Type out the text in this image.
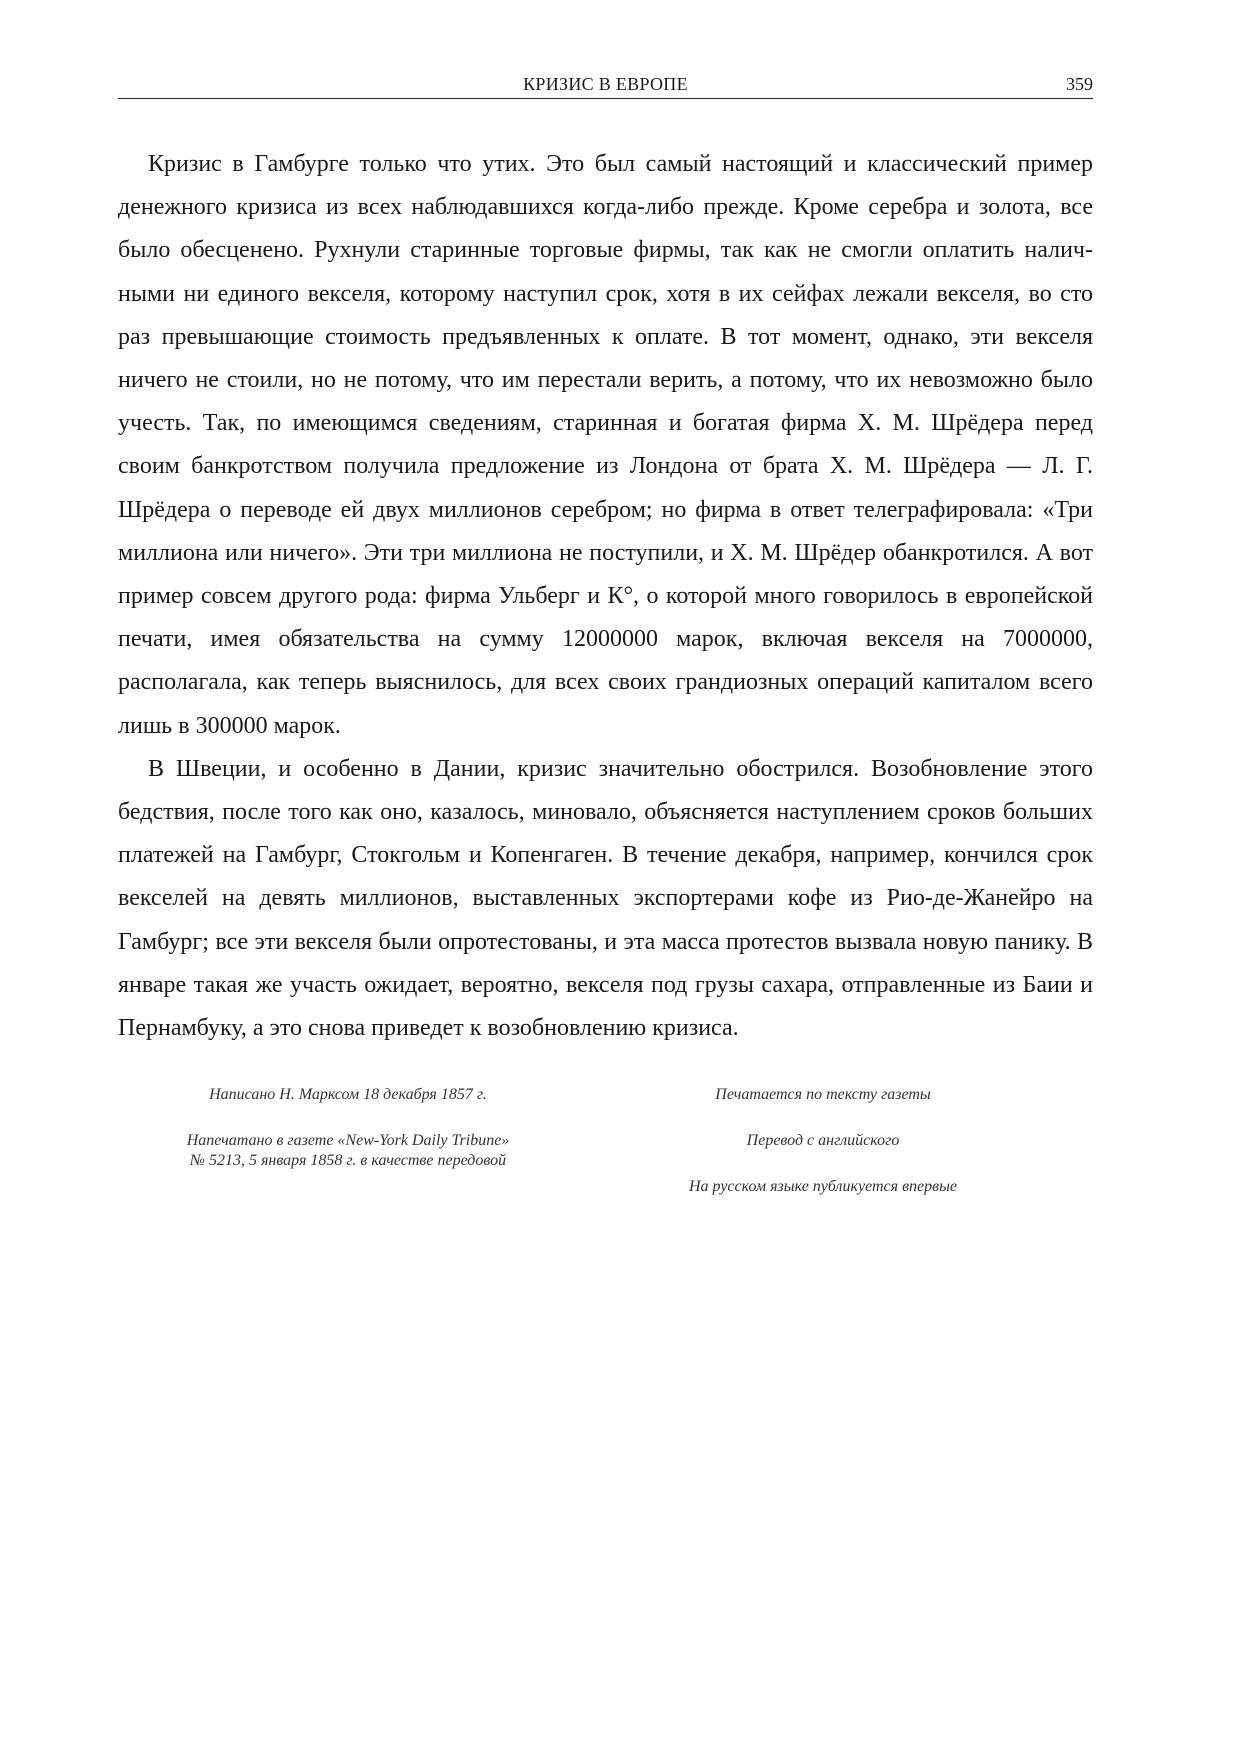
КРИЗИС В ЕВРОПЕ	359

Кризис в Гамбурге только что утих. Это был самый настоящий и классический пример денежного кризиса из всех наблюдавшихся когда-либо прежде. Кроме серебра и золота, все было обесценено. Рухнули старинные торговые фирмы, так как не смогли оплатить наличными ни единого векселя, которому наступил срок, хотя в их сейфах лежали векселя, во сто раз превышающие стоимость предъявленных к оплате. В тот момент, однако, эти векселя ничего не стоили, но не потому, что им перестали верить, а потому, что их невозможно было учесть. Так, по имеющимся сведениям, старинная и богатая фирма Х. М. Шрёдера перед своим банкротством получила предложение из Лондона от брата Х. М. Шрёдера — Л. Г. Шрёдера о переводе ей двух миллионов серебром; но фирма в ответ телеграфировала: «Три миллиона или ничего». Эти три миллиона не поступили, и Х. М. Шрёдер обанкротился. А вот пример совсем другого рода: фирма Ульберг и К°, о которой много говорилось в европейской печати, имея обязательства на сумму 12000000 марок, включая векселя на 7000000, располагала, как теперь выяснилось, для всех своих грандиозных операций капиталом всего лишь в 300000 марок.

В Швеции, и особенно в Дании, кризис значительно обострился. Возобновление этого бедствия, после того как оно, казалось, миновало, объясняется наступлением сроков больших платежей на Гамбург, Стокгольм и Копенгаген. В течение декабря, например, кончился срок векселей на девять миллионов, выставленных экспортерами кофе из Рио-де-Жанейро на Гамбург; все эти векселя были опротестованы, и эта масса протестов вызвала новую панику. В январе такая же участь ожидает, вероятно, векселя под грузы сахара, отправленные из Баии и Пернамбуку, а это снова приведет к возобновлению кризиса.

Написано Н. Марксом 18 декабря 1857 г.
Напечатано в газете «New-York Daily Tribune»
№ 5213, 5 января 1858 г. в качестве передовой
Печатается по тексту газеты
Перевод с английского
На русском языке публикуется впервые
